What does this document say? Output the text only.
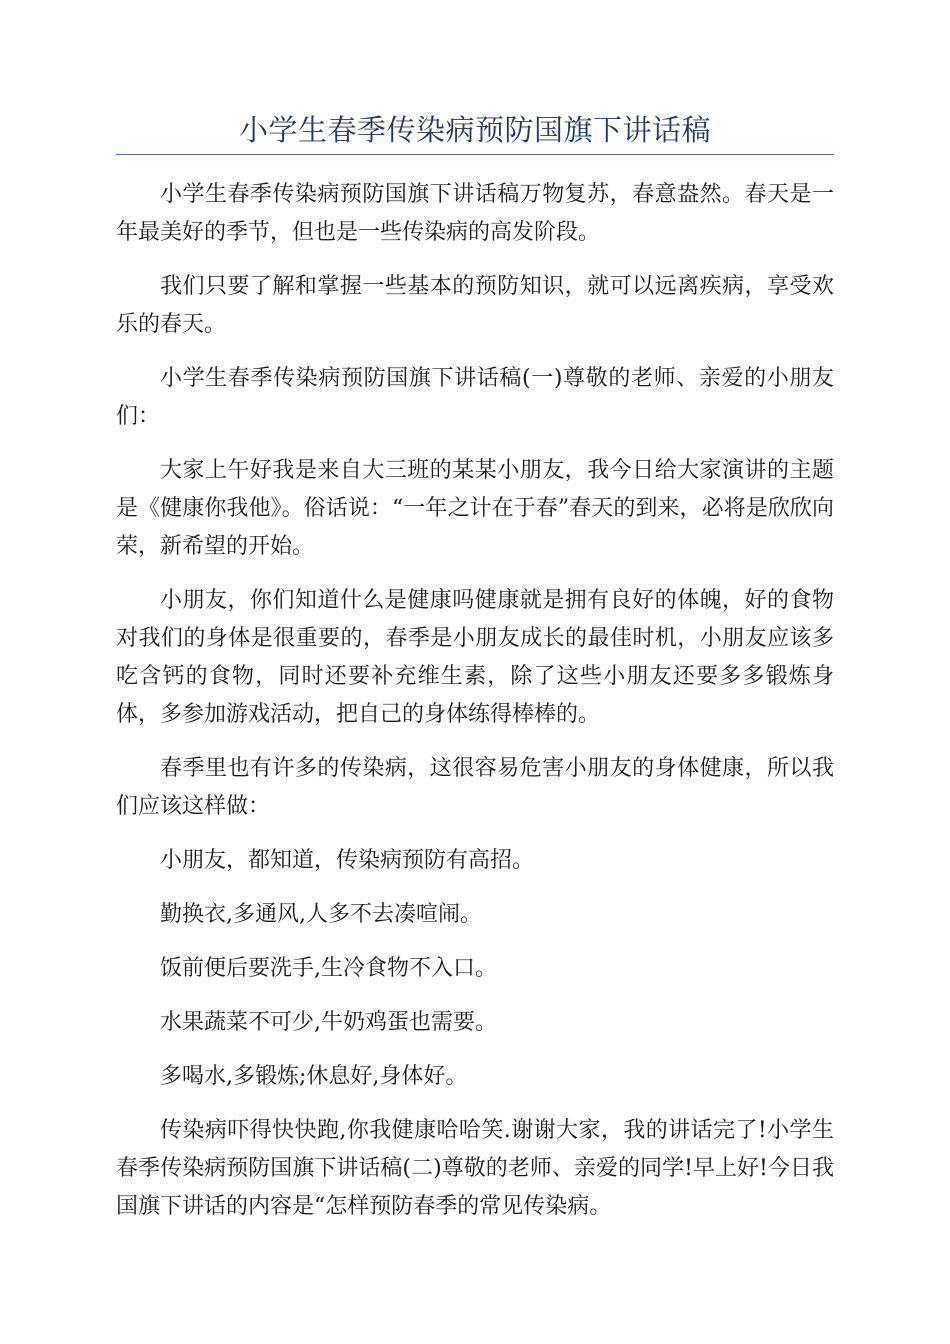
小学生春季传染病预防国旗下讲话稿

小学生春季传染病预防国旗下讲话稿万物复苏，春意盎然。春天是一年最美好的季节，但也是一些传染病的高发阶段。

我们只要了解和掌握一些基本的预防知识，就可以远离疾病，享受欢乐的春天。

小学生春季传染病预防国旗下讲话稿(一)尊敬的老师、亲爱的小朋友们：

大家上午好我是来自大三班的某某小朋友，我今日给大家演讲的主题是《健康你我他》。俗话说：“一年之计在于春”春天的到来，必将是欣欣向荣，新希望的开始。

小朋友，你们知道什么是健康吗健康就是拥有良好的体魄，好的食物对我们的身体是很重要的，春季是小朋友成长的最佳时机，小朋友应该多吃含钙的食物，同时还要补充维生素，除了这些小朋友还要多多锻炼身体，多参加游戏活动，把自己的身体练得棒棒的。

春季里也有许多的传染病，这很容易危害小朋友的身体健康，所以我们应该这样做：

小朋友，都知道，传染病预防有高招。

勤换衣,多通风,人多不去凑喧闹。

饭前便后要洗手,生冷食物不入口。

水果蔬菜不可少,牛奶鸡蛋也需要。

多喝水,多锻炼;休息好,身体好。

传染病吓得快快跑,你我健康哈哈笑.谢谢大家，我的讲话完了!小学生春季传染病预防国旗下讲话稿(二)尊敬的老师、亲爱的同学!早上好!今日我国旗下讲话的内容是“怎样预防春季的常见传染病。
